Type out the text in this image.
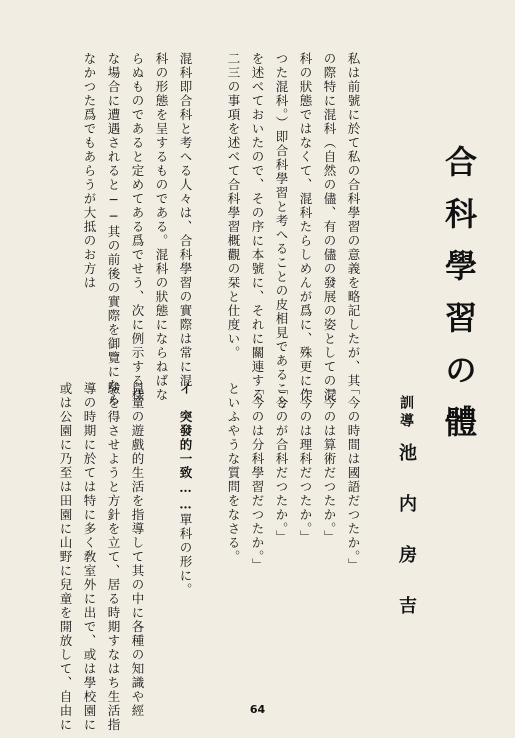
合科學習の體

訓導池 内 房 吉

私は前號に於て私の合科學習の意義を略記したが、其

の際特に混科（自然の儘、有の儘の發展の姿としての混

科の狀態ではなくて、混科たらしめんが爲に、殊更に作

つた混科。）即合科學習と考へることの皮相見であること

を述べておいたので、その序に本號に、それに關連する

二三の事項を述べて合科學習概觀の栞と仕度い。

混科即合科と考へる人々は、合科學習の實際は常に混

科の形態を呈するものである。混科の狀態にならねばな

らぬものであると定めてある爲でせう、次に例示する樣

な場合に遭遇されると──其の前後の實際を御覽になら

なかつた爲でもあらうが大抵のお方は

「今の時間は國語だつたか。」

「今のは算術だつたか。」

「今のは理科だつたか。」

「今のが合科だつたか。」

「今のは分科學習だつたか。」

といふやうな質問をなさる。

イ　突發的一致……單科の形に。

兒童の遊戲的生活を指導して其の中に各種の知識や經

驗を得させようと方針を立て、居る時期すなはち生活指

導の時期に於ては特に多く敎室外に出で、或は學校園に

或は公園に乃至は田園に山野に兒童を開放して、自由に	64
